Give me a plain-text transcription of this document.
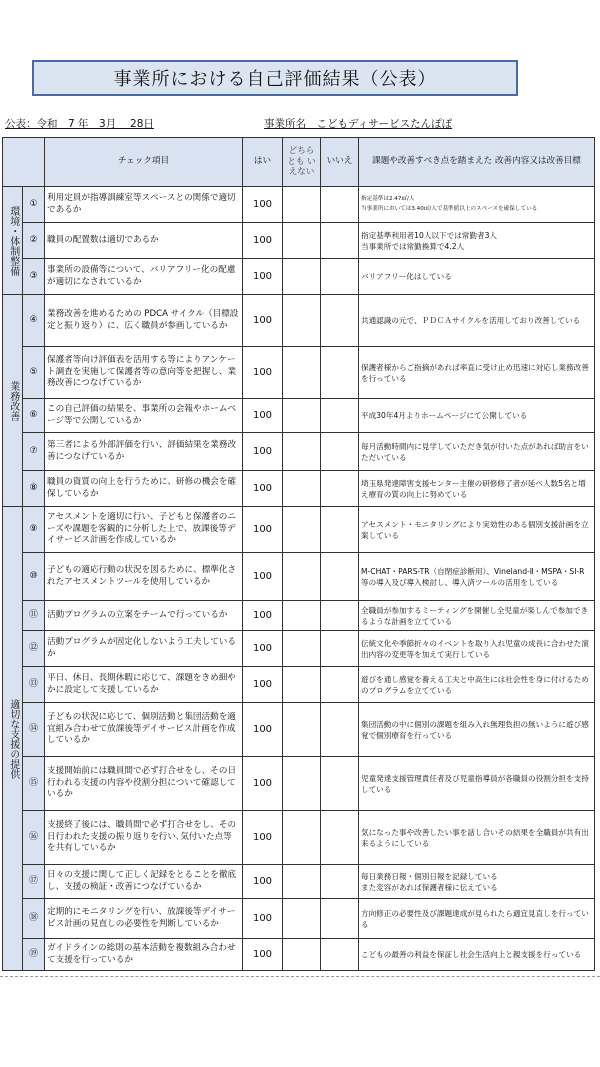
事業所における自己評価結果（公表）
公表：令和　7 年　3月　 28日	事業所名　こどもディサービスたんぽぽ
		チェック項目	はい	どちらとも いえない	いいえ	課題や改善すべき点を踏まえた 改善内容又は改善目標
環境・体制整備	①	利用定員が指導訓練室等スペースとの関係で適切であるか	100			指定基準は2.47㎡/人
当事業所においては3.40㎡/人で基準値以上のスペースを確保している
	②	職員の配置数は適切であるか	100			指定基準利用者10人以下では常勤者3人
当事業所では常勤換算で4.2人
	③	事業所の設備等について、バリアフリー化の配慮が適切になされているか	100			バリアフリー化はしている
業務改善	④	業務改善を進めるための PDCA サイクル（目標設定と振り返り）に、広く職員が参画しているか	100			共通認識の元で、ＰＤＣＡサイクルを活用しており改善している
	⑤	保護者等向け評価表を活用する等によりアンケート調査を実施して保護者等の意向等を把握し、業務改善につなげているか	100			保護者様からご指摘があれば率直に受け止め迅速に対応し業務改善を行っている
	⑥	この自己評価の結果を、事業所の会報やホームページ等で公開しているか	100			平成30年4月よりホームページにて公開している
	⑦	第三者による外部評価を行い、評価結果を業務改善につなげているか	100			毎月活動時間内に見学していただき気が付いた点があれば助言をいただいている
	⑧	職員の資質の向上を行うために、研修の機会を確保しているか	100			埼玉県発達障害支援センター主催の研修修了者が延べ人数5名と増え療育の質の向上に努めている
適切な支援の提供	⑨	アセスメントを適切に行い、子どもと保護者のニーズや課題を客観的に分析した上で、放課後等デイサービス計画を作成しているか	100			アセスメント・モニタリングにより実効性のある個別支援計画を立案している
	⑩	子どもの適応行動の状況を図るために、標準化されたアセスメントツールを使用しているか	100			M-CHAT・PARS-TR（自閉症診断用）、Vineland-Ⅱ・MSPA・SI-R等の導入及び導入検討し、導入済ツールの活用をしている
	⑪	活動プログラムの立案をチームで行っているか	100			全職員が参加するミーティングを開催し全児童が楽しんで参加できるような計画を立てている
	⑫	活動プログラムが固定化しないよう工夫しているか	100			伝統文化や季節折々のイベントを取り入れ児童の成長に合わせた演出内容の変更等を加えて実行している
	⑬	平日、休日、長期休暇に応じて、課題をきめ細やかに設定して支援しているか	100			遊びを通し感覚を養える工夫と中高生には社会性を身に付けるためのプログラムを立てている
	⑭	子どもの状況に応じて、個別活動と集団活動を適宜組み合わせて放課後等デイサービス計画を作成しているか	100			集団活動の中に個別の課題を組み入れ無理負担の無いように遊び感覚で個別療育を行っている
	⑮	支援開始前には職員間で必ず打合せをし、その日行われる支援の内容や役割分担について確認しているか	100			児童発達支援管理責任者及び児童指導員が各職員の役割分担を支持している
	⑯	支援終了後には、職員間で必ず打合せをし、その日行われた支援の振り返りを行い､気付いた点等を共有しているか	100			気になった事や改善したい事を話し合いその結果を全職員が共有出来るようにしている
	⑰	日々の支援に関して正しく記録をとることを徹底し、支援の検証・改善につなげているか	100			毎日業務日報・個別日報を記録している
また変容があれば保護者様に伝えている
	⑱	定期的にモニタリングを行い、放課後等デイサービス計画の見直しの必要性を判断しているか	100			方向修正の必要性及び課題達成が見られたら適宜見直しを行っている
	⑲	ガイドラインの総則の基本活動を複数組み合わせて支援を行っているか	100			こどもの最善の利益を保証し社会生活向上と親支援を行っている
